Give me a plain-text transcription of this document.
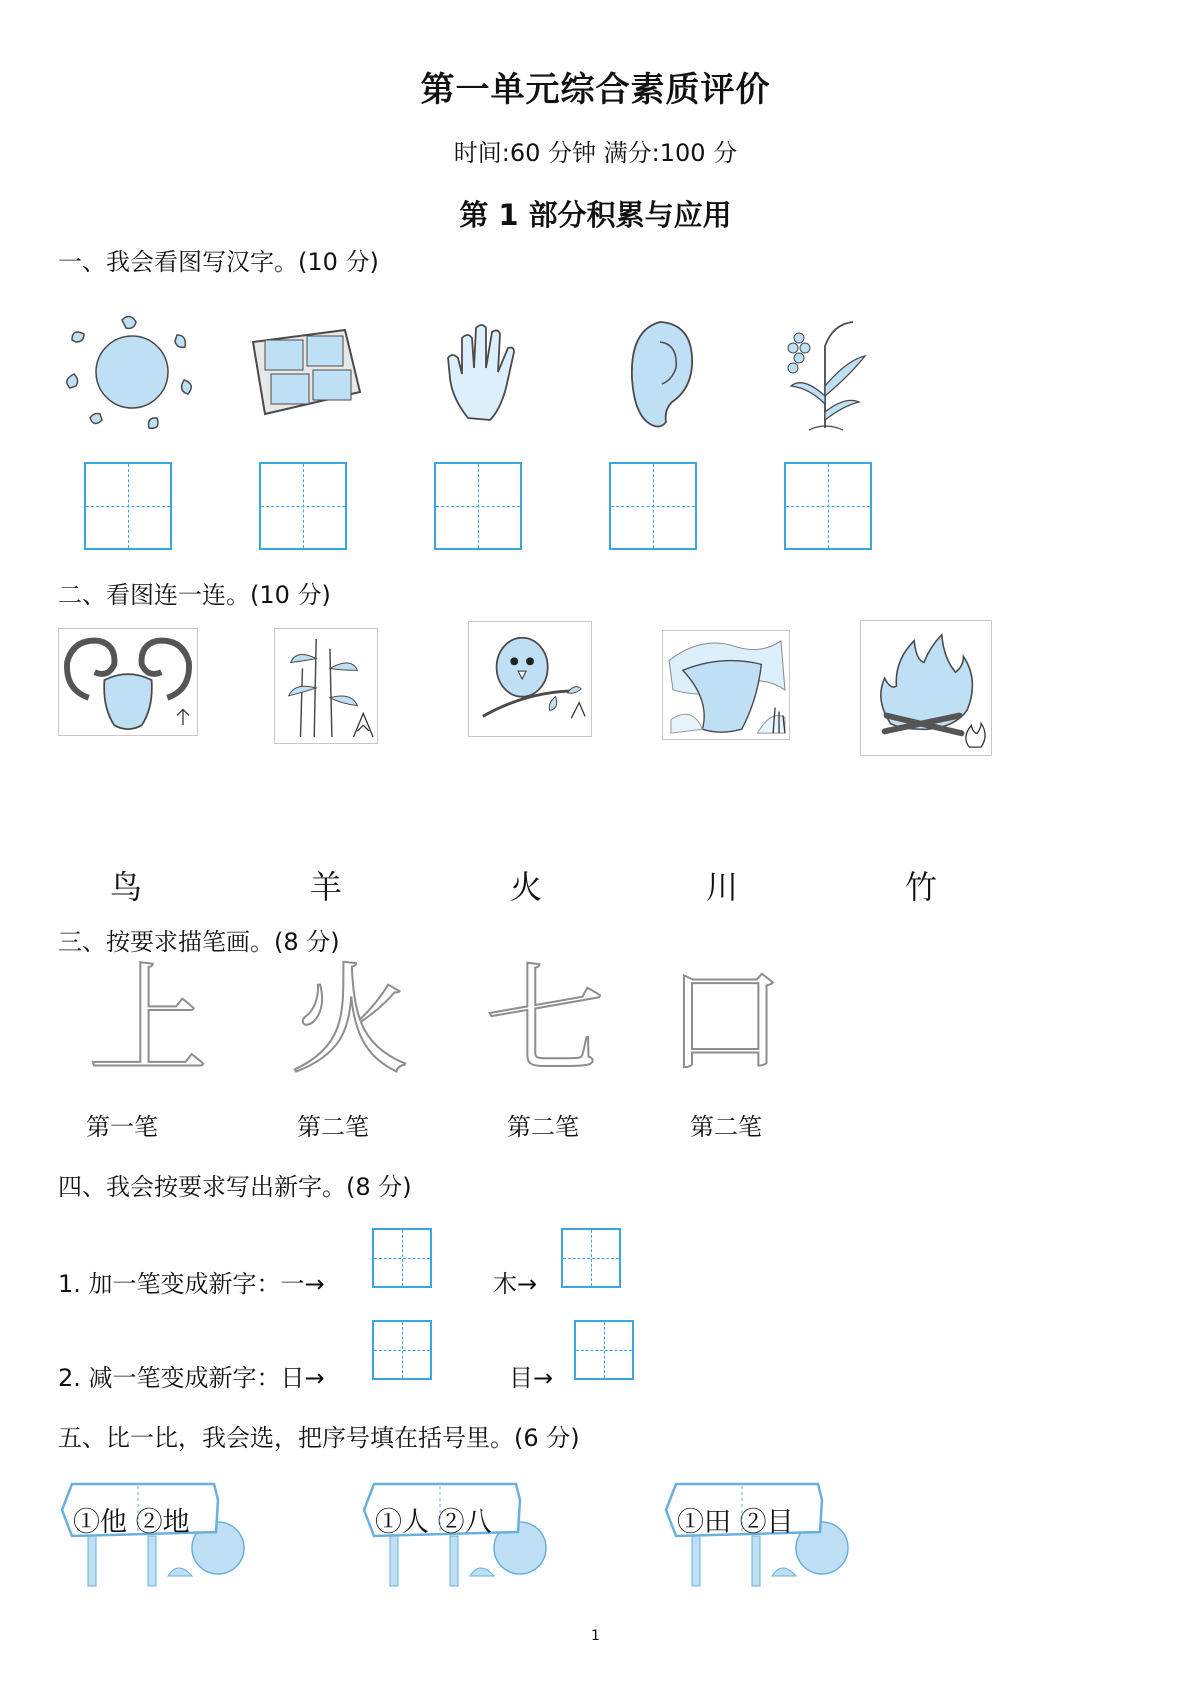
第一单元综合素质评价
时间:60 分钟 满分:100 分
第 1 部分积累与应用
一、我会看图写汉字。(10 分)
二、看图连一连。(10 分)
鸟	羊	火	川	竹
三、按要求描笔画。(8 分)
上 火 七 口
第一笔	第二笔	第二笔	第二笔
四、我会按要求写出新字。(8 分)
1. 加一笔变成新字：一→	木→
2. 减一笔变成新字：日→	目→
五、比一比，我会选，把序号填在括号里。(6 分)
①他 ②地	①人 ②八	①田 ②目
1
